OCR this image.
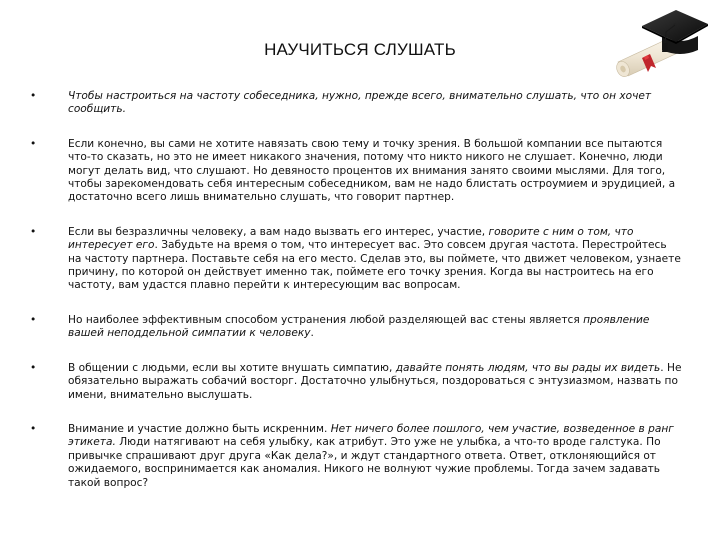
НАУЧИТЬСЯ СЛУШАТЬ
•	Чтобы настроиться на частоту собеседника, нужно, прежде всего, внимательно слушать, что он хочет сообщить.
•	Если конечно, вы сами не хотите навязать свою тему и точку зрения. В большой компании все пытаются что-то сказать, но это не имеет никакого значения, потому что никто никого не слушает. Конечно, люди могут делать вид, что слушают. Но девяносто процентов их внимания занято своими мыслями. Для того, чтобы зарекомендовать себя интересным собеседником, вам не надо блистать остроумием и эрудицией, а достаточно всего лишь внимательно слушать, что говорит партнер.
•	Если вы безразличны человеку, а вам надо вызвать его интерес, участие, говорите с ним о том, что интересует его. Забудьте на время о том, что интересует вас. Это совсем другая частота. Перестройтесь на частоту партнера. Поставьте себя на его место. Сделав это, вы поймете, что движет человеком, узнаете причину, по которой он действует именно так, поймете его точку зрения. Когда вы настроитесь на его частоту, вам удастся плавно перейти к интересующим вас вопросам.
•	Но наиболее эффективным способом устранения любой разделяющей вас стены является проявление вашей неподдельной симпатии к человеку.
•	В общении с людьми, если вы хотите внушать симпатию, давайте понять людям, что вы рады их видеть. Не обязательно выражать собачий восторг. Достаточно улыбнуться, поздороваться с энтузиазмом, назвать по имени, внимательно выслушать.
•	Внимание и участие должно быть искренним. Нет ничего более пошлого, чем участие, возведенное в ранг этикета. Люди натягивают на себя улыбку, как атрибут. Это уже не улыбка, а что-то вроде галстука. По привычке спрашивают друг друга «Как дела?», и ждут стандартного ответа. Ответ, отклоняющийся от ожидаемого, воспринимается как аномалия. Никого не волнуют чужие проблемы. Тогда зачем задавать такой вопрос?
